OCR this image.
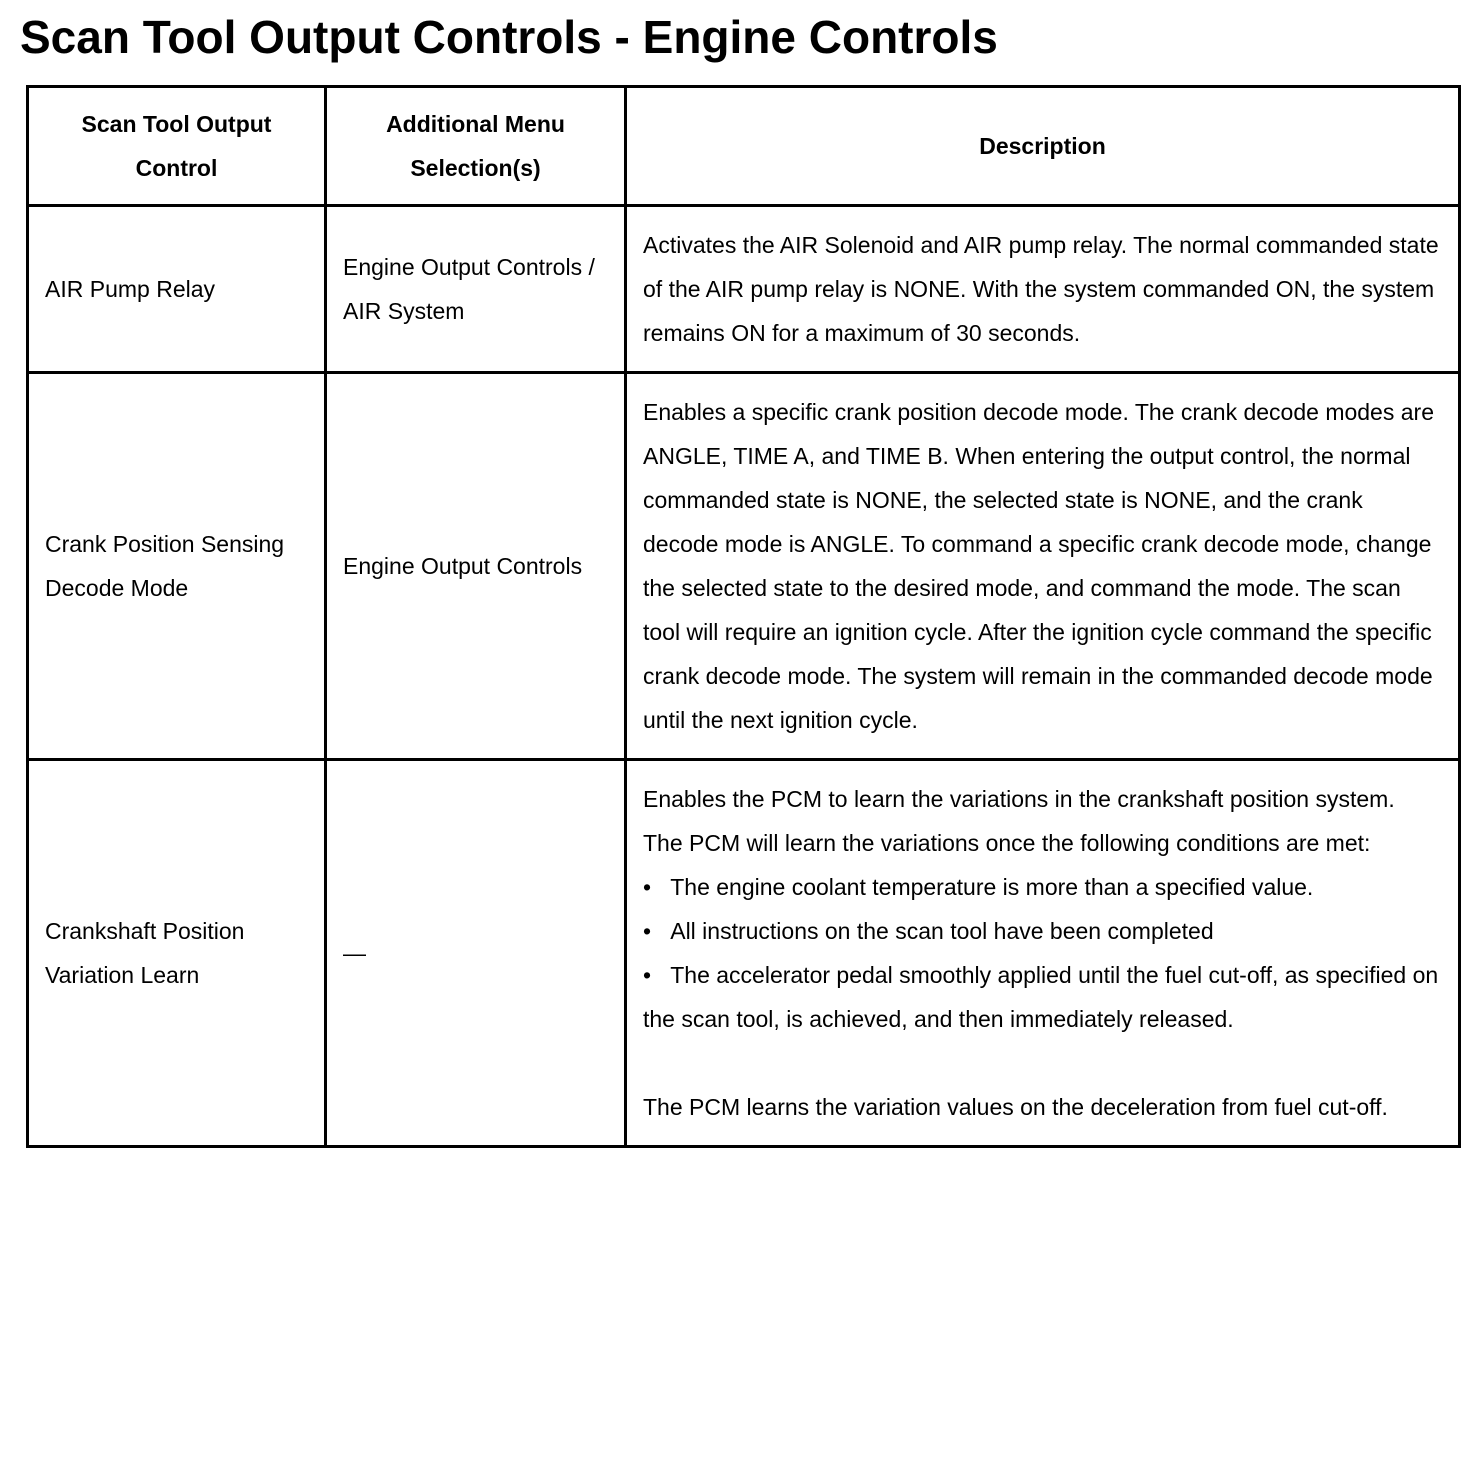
Scan Tool Output Controls - Engine Controls
Scan Tool Output Control	Additional Menu Selection(s)	Description
AIR Pump Relay	Engine Output Controls / AIR System	Activates the AIR Solenoid and AIR pump relay. The normal commanded state of the AIR pump relay is NONE. With the system commanded ON, the system remains ON for a maximum of 30 seconds.

Crank Position Sensing Decode Mode	Engine Output Controls	Enables a specific crank position decode mode. The crank decode modes are ANGLE, TIME A, and TIME B. When entering the output control, the normal commanded state is NONE, the selected state is NONE, and the crank decode mode is ANGLE. To command a specific crank decode mode, change the selected state to the desired mode, and command the mode. The scan tool will require an ignition cycle. After the ignition cycle command the specific crank decode mode. The system will remain in the commanded decode mode until the next ignition cycle.

Crankshaft Position Variation Learn	—	Enables the PCM to learn the variations in the crankshaft position system. The PCM will learn the variations once the following conditions are met:
•   The engine coolant temperature is more than a specified value.
•   All instructions on the scan tool have been completed
•   The accelerator pedal smoothly applied until the fuel cut-off, as specified on the scan tool, is achieved, and then immediately released.
The PCM learns the variation values on the deceleration from fuel cut-off.
